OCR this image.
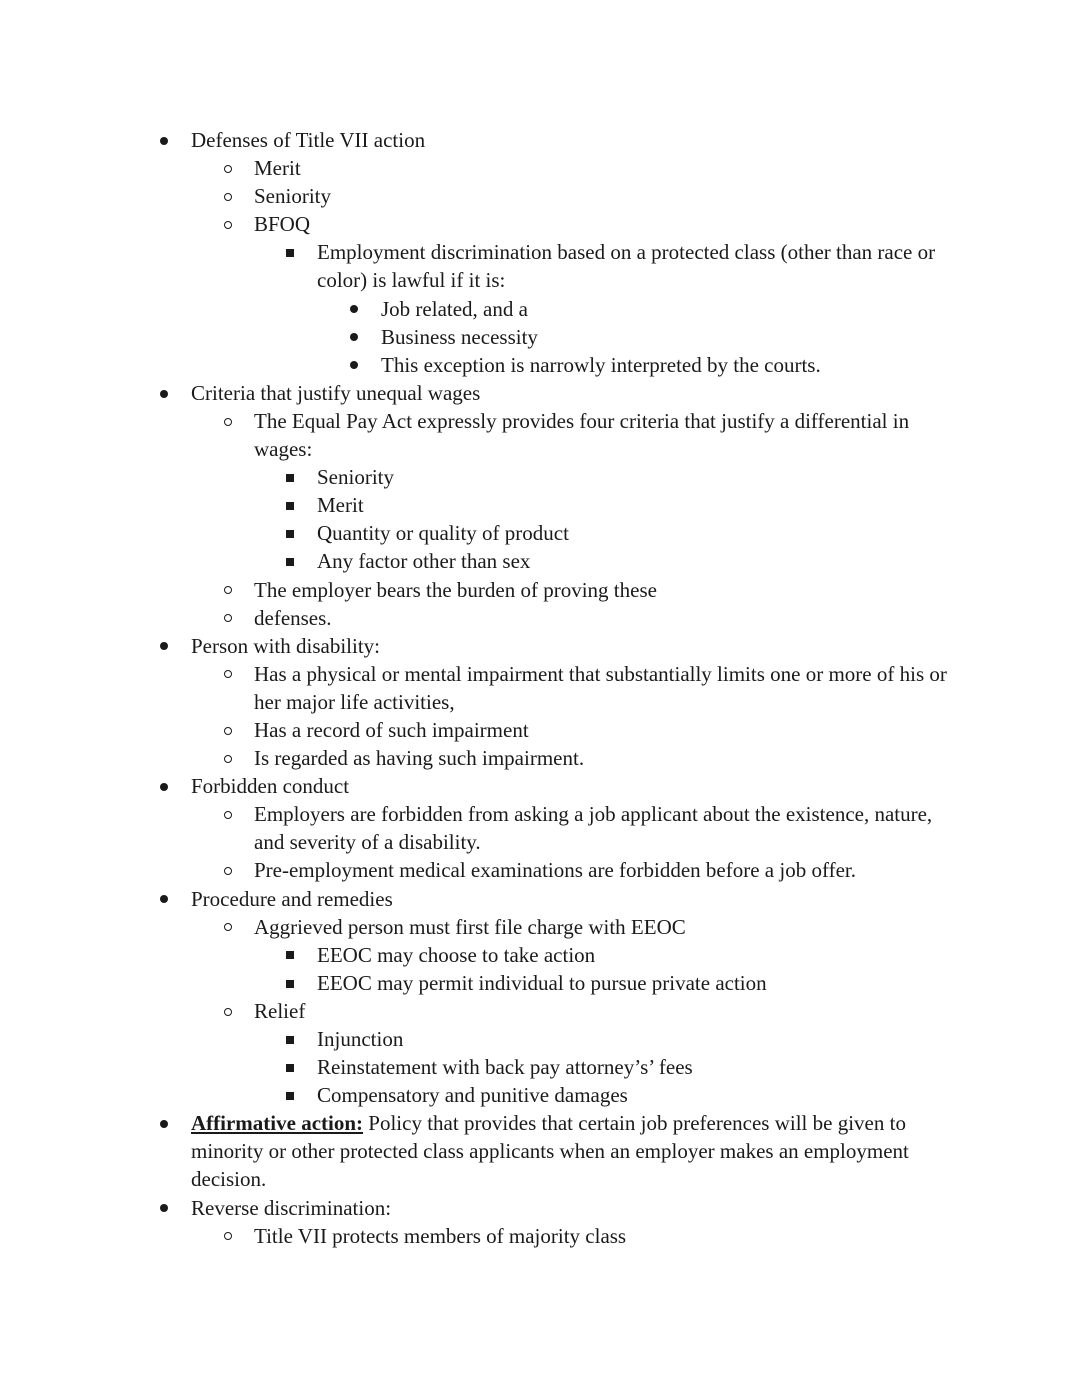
Defenses of Title VII action
Merit
Seniority
BFOQ
Employment discrimination based on a protected class (other than race or
color) is lawful if it is:
Job related, and a
Business necessity
This exception is narrowly interpreted by the courts.
Criteria that justify unequal wages
The Equal Pay Act expressly provides four criteria that justify a differential in
wages:
Seniority
Merit
Quantity or quality of product
Any factor other than sex
The employer bears the burden of proving these
defenses.
Person with disability:
Has a physical or mental impairment that substantially limits one or more of his or
her major life activities,
Has a record of such impairment
Is regarded as having such impairment.
Forbidden conduct
Employers are forbidden from asking a job applicant about the existence, nature,
and severity of a disability.
Pre-employment medical examinations are forbidden before a job offer.
Procedure and remedies
Aggrieved person must first file charge with EEOC
EEOC may choose to take action
EEOC may permit individual to pursue private action
Relief
Injunction
Reinstatement with back pay attorney’s’ fees
Compensatory and punitive damages
Affirmative action: Policy that provides that certain job preferences will be given to
minority or other protected class applicants when an employer makes an employment
decision.
Reverse discrimination:
Title VII protects members of majority class
